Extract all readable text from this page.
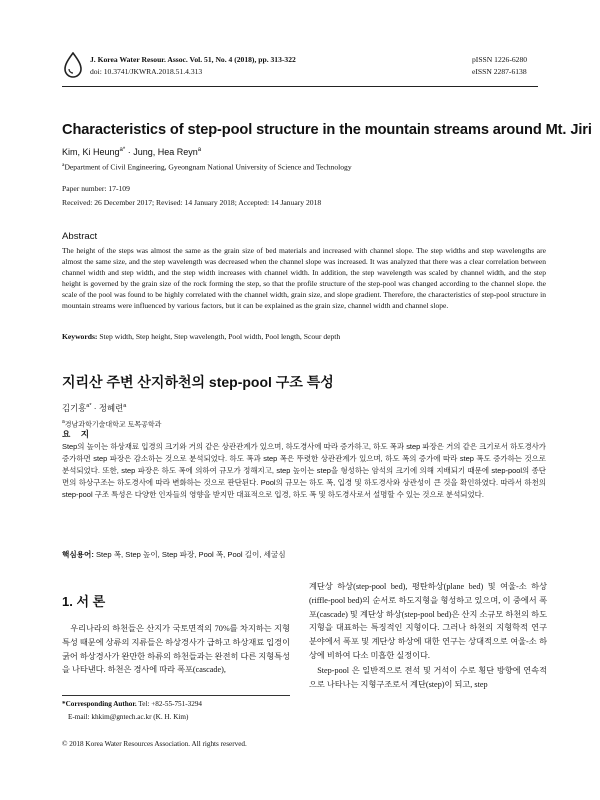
J. Korea Water Resour. Assoc. Vol. 51, No. 4 (2018), pp. 313-322
doi: 10.3741/JKWRA.2018.51.4.313
pISSN 1226-6280
eISSN 2287-6138
Characteristics of step-pool structure in the mountain streams around Mt. Jiri
Kim, Ki Heung$^{a*}$ · Jung, Hea Reyn$^a$
$^a$Department of Civil Engineering, Gyeongnam National University of Science and Technology
Paper number: 17-109
Received: 26 December 2017; Revised: 14 January 2018; Accepted: 14 January 2018
Abstract
The height of the steps was almost the same as the grain size of bed materials and increased with channel slope. The step widths and step wavelengths are almost the same size, and the step wavelength was decreased when the channel slope was increased. It was analyzed that there was a clear correlation between channel width and step width, and the step width increases with channel width. In addition, the step wavelength was scaled by channel width, and the step height is governed by the grain size of the rock forming the step, so that the profile structure of the step-pool was changed according to the channel slope. the scale of the pool was found to be highly correlated with the channel width, grain size, and slope gradient. Therefore, the characteristics of step-pool structure in mountain streams were influenced by various factors, but it can be explained as the grain size, channel width and channel slope.
Keywords: Step width, Step height, Step wavelength, Pool width, Pool length, Scour depth
지리산 주변 산지하천의 step-pool 구조 특성
김기흥$^{a*}$ · 정혜련$^a$
$^a$경남과학기술대학교 토목공학과
요 지
Step의 높이는 하상재료 입경의 크기와 거의 같은 상관관계가 있으며, 하도경사에 따라 증가하고, 하도 폭과 step 파장은 거의 같은 크기로서 하도경사가 증가하면 step 파장은 감소하는 것으로 분석되었다. 하도 폭과 step 폭은 뚜렷한 상관관계가 있으며, 하도 폭의 증가에 따라 step 폭도 증가하는 것으로 분석되었다. 또한, step 파장은 하도 폭에 의하여 규모가 정해지고, step 높이는 step을 형성하는 암석의 크기에 의해 지배되기 때문에 step-pool의 종단면의 하상구조는 하도경사에 따라 변화하는 것으로 판단된다. Pool의 규모는 하도 폭, 입경 및 하도경사와 상관성이 큰 것을 확인하였다. 따라서 하천의 step-pool 구조 특성은 다양한 인자들의 영향을 받지만 대표적으로 입경, 하도 폭 및 하도경사로서 설명할 수 있는 것으로 분석되었다.
핵심용어: Step 폭, Step 높이, Step 파장, Pool 폭, Pool 길이, 세굴심
1. 서 론
우리나라의 하천들은 산지가 국토면적의 70%를 차지하는 지형특성 때문에 상류의 지류들은 하상경사가 급하고 하상재료 입경이 굵어 하상경사가 완만한 하류의 하천들과는 완전히 다른 지형특성을 나타낸다. 하천은 경사에 따라 폭포(cascade),

계단상 하상(step-pool bed), 평탄하상(plane bed) 및 여울-소 하상(riffle-pool bed)의 순서로 하도지형을 형성하고 있으며, 이 중에서 폭포(cascade) 및 계단상 하상(step-pool bed)은 산지 소규모 하천의 하도 지형을 대표하는 특징적인 지형이다. 그러나 하천의 지형학적 연구 분야에서 폭포 및 계단상 하상에 대한 연구는 상대적으로 여울-소 하상에 비하여 다소 미흡한 실정이다.

Step-pool 은 일반적으로 전석 및 거석이 수로 횡단 방향에 연속적으로 나타나는 지형구조로서 계단(step)이 되고, step

*Corresponding Author. Tel: +82-55-751-3294
E-mail: khkim@gntech.ac.kr (K. H. Kim)
© 2018 Korea Water Resources Association. All rights reserved.
